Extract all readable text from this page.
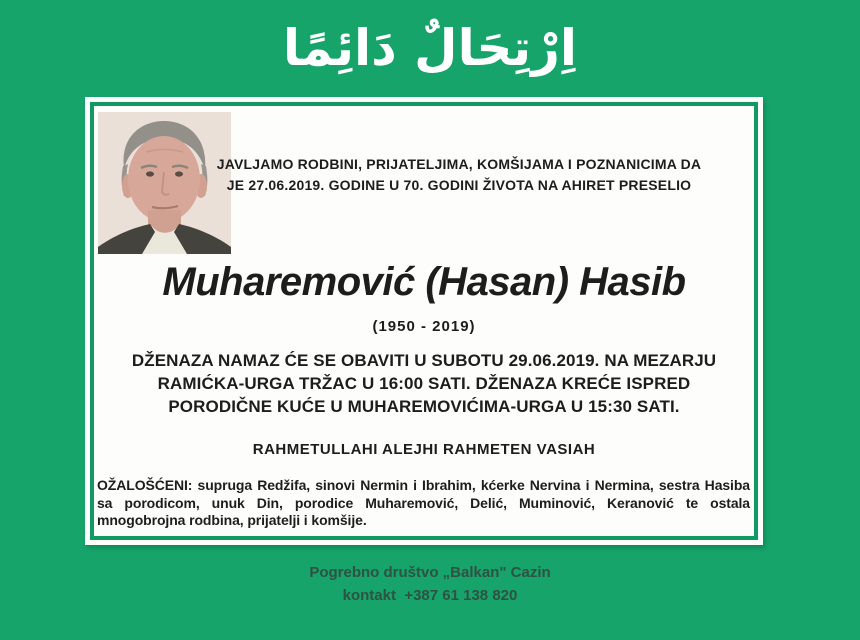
اِرْتِحَالٌ دَائِمًا
JAVLJAMO RODBINI, PRIJATELJIMA, KOMŠIJAMA I POZNANICIMA DA
JE 27.06.2019. GODINE U 70. GODINI ŽIVOTA NA AHIRET PRESELIO
Muharemović (Hasan) Hasib
(1950 - 2019)
DŽENAZA NAMAZ ĆE SE OBAVITI U SUBOTU 29.06.2019. NA MEZARJU
RAMIĆKA-URGA TRŽAC U 16:00 SATI. DŽENAZA KREĆE ISPRED
PORODIČNE KUĆE U MUHAREMOVIĆIMA-URGA U 15:30 SATI.
RAHMETULLAHI ALEJHI RAHMETEN VASIAH

OŽALOŠĆENI: supruga Redžifa, sinovi Nermin i Ibrahim, kćerke Nervina i Nermina, sestra Hasiba sa porodicom, unuk Din, porodice Muharemović, Delić, Muminović, Keranović te ostala mnogobrojna rodbina, prijatelji i komšije.

Pogrebno društvo „Balkan" Cazin
kontakt  +387 61 138 820
